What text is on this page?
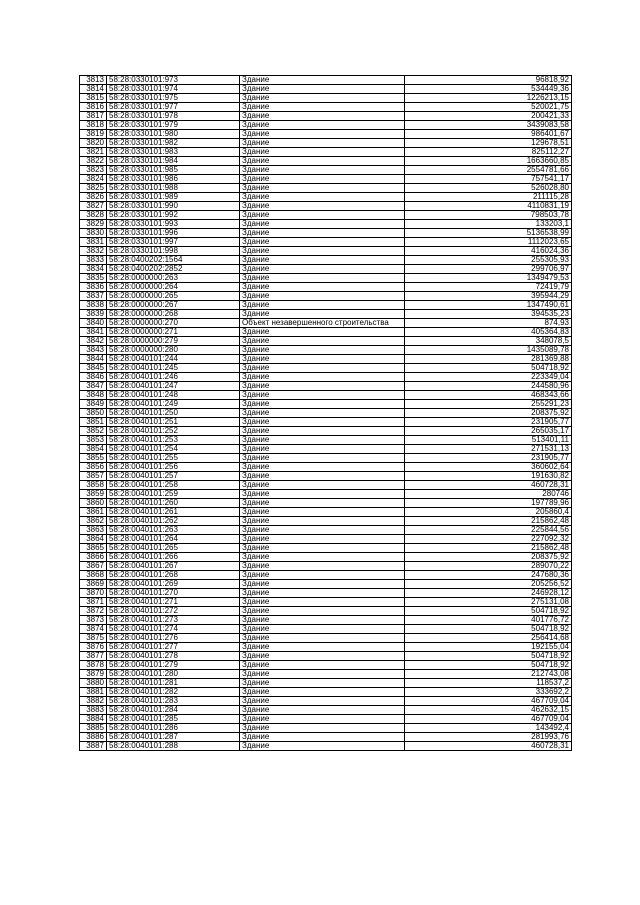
3813	58:28:0330101:973	Здание	96818,92
3814	58:28:0330101:974	Здание	534449,36
3815	58:28:0330101:975	Здание	1226213,15
3816	58:28:0330101:977	Здание	520021,75
3817	58:28:0330101:978	Здание	200421,33
3818	58:28:0330101:979	Здание	3439083,58
3819	58:28:0330101:980	Здание	986401,67
3820	58:28:0330101:982	Здание	129678,51
3821	58:28:0330101:983	Здание	825112,27
3822	58:28:0330101:984	Здание	1663660,85
3823	58:28:0330101:985	Здание	2554781,66
3824	58:28:0330101:986	Здание	757541,17
3825	58:28:0330101:988	Здание	526028,80
3826	58:28:0330101:989	Здание	211115,28
3827	58:28:0330101:990	Здание	4110831,19
3828	58:28:0330101:992	Здание	79850З,78
3829	58:28:0330101:993	Здание	133203,1
3830	58:28:0330101:996	Здание	5136538,99
3831	58:28:0330101:997	Здание	1112023,65
3832	58:28:0330101:998	Здание	416024,36
3833	58:28:0400202:1564	Здание	255305,93
3834	58:28:0400202:2852	Здание	299706,97
3835	58:28:0000000:263	Здание	1349479,53
3836	58:28:0000000:264	Здание	72419,79
3837	58:28:0000000:265	Здание	395944,29
3838	58:28:0000000:267	Здание	1347490,61
3839	58:28:0000000:268	Здание	394535,23
3840	58:28:0000000:270	Объект незавершенного строительства	874,93
3841	58:28:0000000:271	Здание	405364,83
3842	58:28:0000000:279	Здание	348078,5
3843	58:28:0000000:280	Здание	1435089,78
3844	58:28:0040101:244	Здание	281369,88
3845	58:28:0040101:245	Здание	504718,92
3846	58:28:0040101:246	Здание	223349,04
3847	58:28:0040101:247	Здание	244580,96
3848	58:28:0040101:248	Здание	468343,66
3849	58:28:0040101:249	Здание	255291,23
3850	58:28:0040101:250	Здание	208375,92
3851	58:28:0040101:251	Здание	231905,77
3852	58:28:0040101:252	Здание	265035,17
3853	58:28:0040101:253	Здание	513401,11
3854	58:28:0040101:254	Здание	271531,13
3855	58:28:0040101:255	Здание	231905,77
3856	58:28:0040101:256	Здание	360602,64
3857	58:28:0040101:257	Здание	191630,82
3858	58:28:0040101:258	Здание	460728,31
3859	58:28:0040101:259	Здание	280746
3860	58:28:0040101:260	Здание	197789,96
3861	58:28:0040101:261	Здание	205860,4
3862	58:28:0040101:262	Здание	215862,48
3863	58:28:0040101:263	Здание	225844,56
3864	58:28:0040101:264	Здание	227092,32
3865	58:28:0040101:265	Здание	215862,48
3866	58:28:0040101:266	Здание	208375,92
3867	58:28:0040101:267	Здание	289070,22
3868	58:28:0040101:268	Здание	247680,36
3869	58:28:0040101:269	Здание	205256,52
3870	58:28:0040101:270	Здание	246928,12
3871	58:28:0040101:271	Здание	275131,08
3872	58:28:0040101:272	Здание	504718,92
3873	58:28:0040101:273	Здание	401776,72
3874	58:28:0040101:274	Здание	504718,92
3875	58:28:0040101:276	Здание	256414,68
3876	58:28:0040101:277	Здание	192155,04
3877	58:28:0040101:278	Здание	504718,92
3878	58:28:0040101:279	Здание	504718,92
3879	58:28:0040101:280	Здание	212743,08
3880	58:28:0040101:281	Здание	118537,2
3881	58:28:0040101:282	Здание	333692,2
3882	58:28:0040101:283	Здание	467709,04
3883	58:28:0040101:284	Здание	462632,15
3884	58:28:0040101:285	Здание	467709,04
3885	58:28:0040101:286	Здание	143492,4
3886	58:28:0040101:287	Здание	281993,76
3887	58:28:0040101:288	Здание	460728,31
